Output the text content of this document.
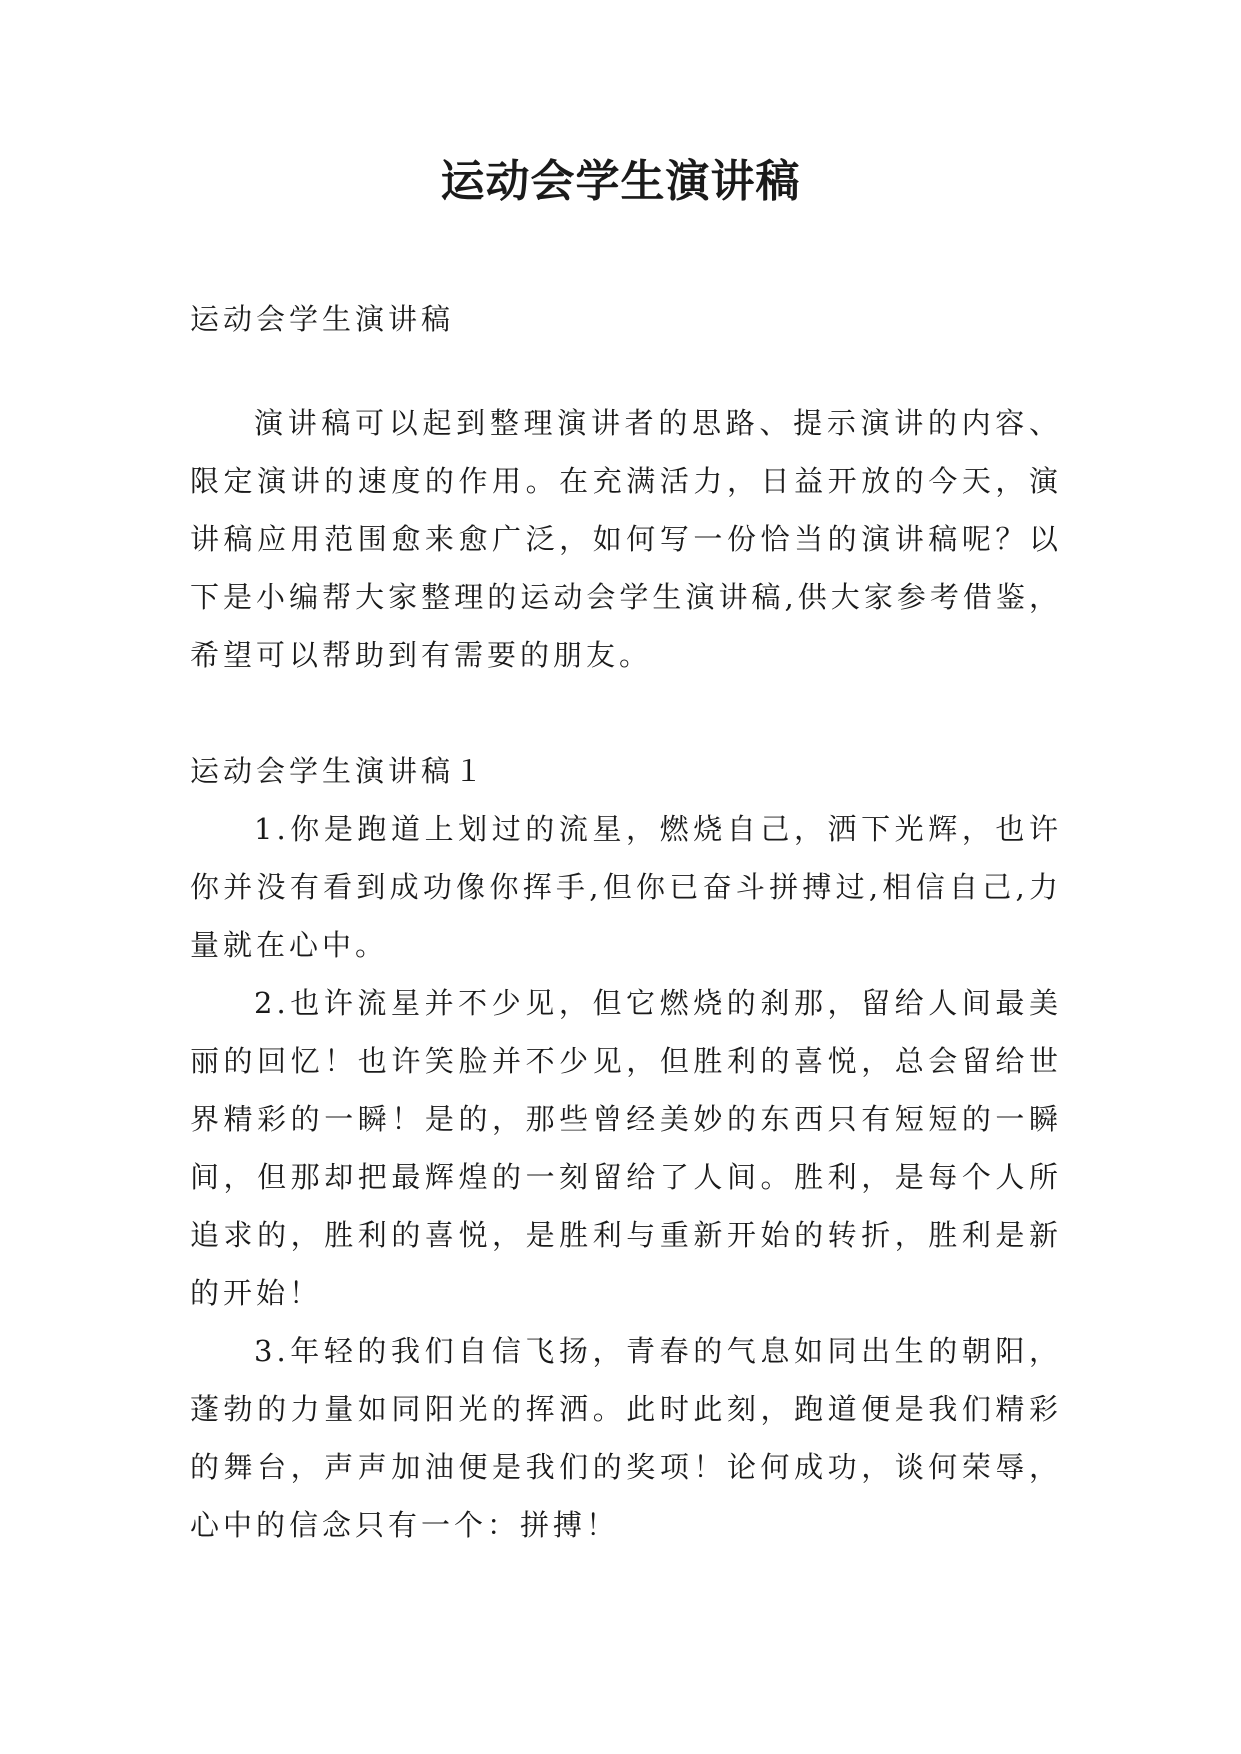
运动会学生演讲稿

运动会学生演讲稿

演讲稿可以起到整理演讲者的思路、提示演讲的内容、限定演讲的速度的作用。在充满活力，日益开放的今天，演讲稿应用范围愈来愈广泛，如何写一份恰当的演讲稿呢？以下是小编帮大家整理的运动会学生演讲稿,供大家参考借鉴，希望可以帮助到有需要的朋友。

运动会学生演讲稿１

1.你是跑道上划过的流星，燃烧自己，洒下光辉，也许你并没有看到成功像你挥手,但你已奋斗拼搏过,相信自己,力量就在心中。

2.也许流星并不少见，但它燃烧的刹那，留给人间最美丽的回忆！也许笑脸并不少见，但胜利的喜悦，总会留给世界精彩的一瞬！是的，那些曾经美妙的东西只有短短的一瞬间，但那却把最辉煌的一刻留给了人间。胜利，是每个人所追求的，胜利的喜悦，是胜利与重新开始的转折，胜利是新的开始！

3.年轻的我们自信飞扬，青春的气息如同出生的朝阳，蓬勃的力量如同阳光的挥洒。此时此刻，跑道便是我们精彩的舞台，声声加油便是我们的奖项！论何成功，谈何荣辱，心中的信念只有一个：拼搏！
